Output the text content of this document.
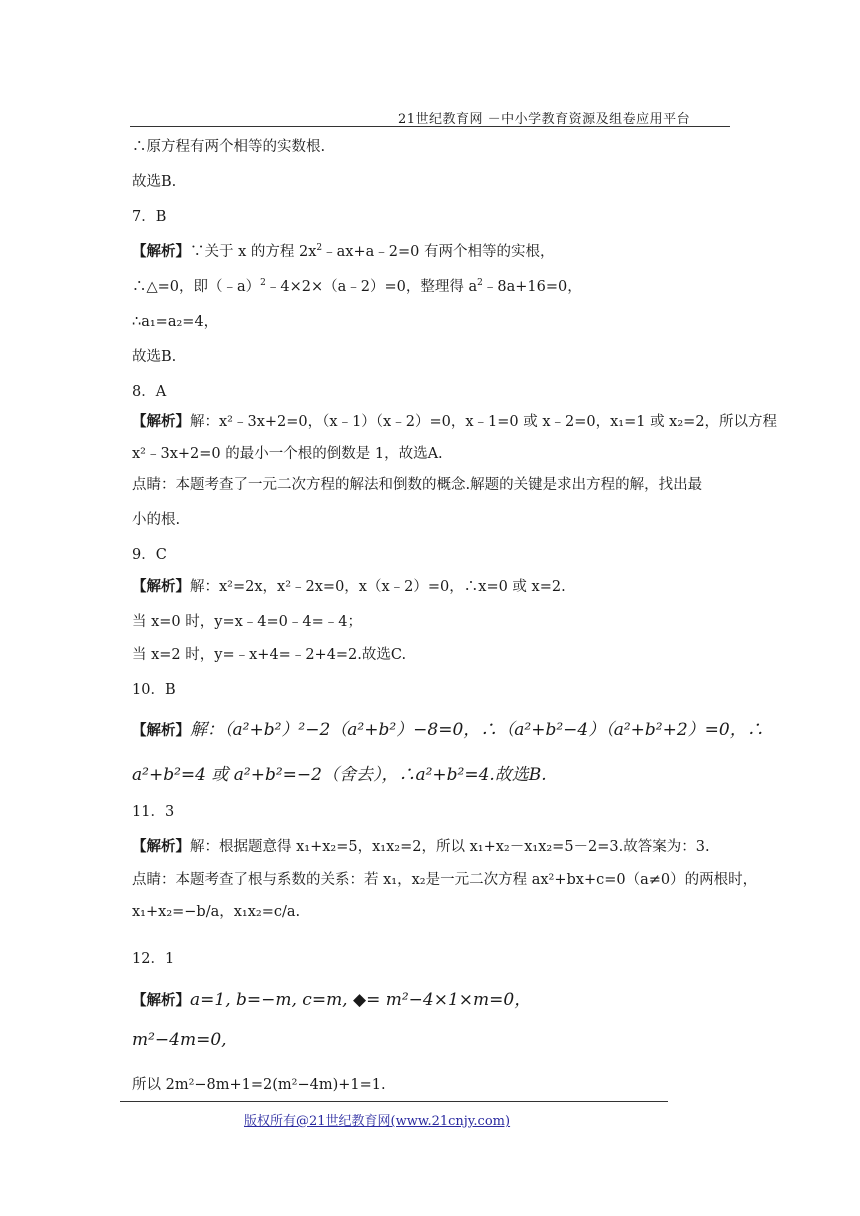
21世纪教育网 －中小学教育资源及组卷应用平台
∴原方程有两个相等的实数根.
故选B.
7．B
【解析】∵关于 x 的方程 $2x^2﹣ax+a﹣2=0$ 有两个相等的实根，
∴△=0，即（﹣a）$^2$﹣4×2×（a﹣2）=0，整理得 $a^2﹣8a+16=0$，
∴a₁=a₂=4，
故选B.
8．A
【解析】解：x²﹣3x+2=0，（x﹣1）（x﹣2）=0，x﹣1=0 或 x﹣2=0，x₁=1 或 x₂=2，所以方程
x²﹣3x+2=0 的最小一个根的倒数是 1，故选A.
点睛：本题考查了一元二次方程的解法和倒数的概念.解题的关键是求出方程的解，找出最
小的根.
9．C
【解析】解：x²=2x，x²﹣2x=0，x（x﹣2）=0，∴x=0 或 x=2.
当 x=0 时，y=x﹣4=0﹣4=﹣4；
当 x=2 时，y=﹣x+4=﹣2+4=2.故选C.
10．B
【解析】解：（a²+b²）²−2（a²+b²）−8=0，∴（a²+b²−4）（a²+b²+2）=0，∴
a²+b²=4 或 a²+b²=−2（舍去），∴a²+b²=4.故选B.
11．3
【解析】解：根据题意得 x₁+x₂=5，x₁x₂=2，所以 x₁+x₂－x₁x₂=5－2=3.故答案为：3.
点睛：本题考查了根与系数的关系：若 x₁，x₂是一元二次方程 ax²+bx+c=0（a≠0）的两根时，
x₁+x₂=−b/a，x₁x₂=c/a.
12．1
【解析】a=1, b=−m, c=m, ◆= m²−4×1×m=0，
m²−4m=0,
所以 2m²−8m+1=2(m²−4m)+1=1.
版权所有@21世纪教育网(www.21cnjy.com)
